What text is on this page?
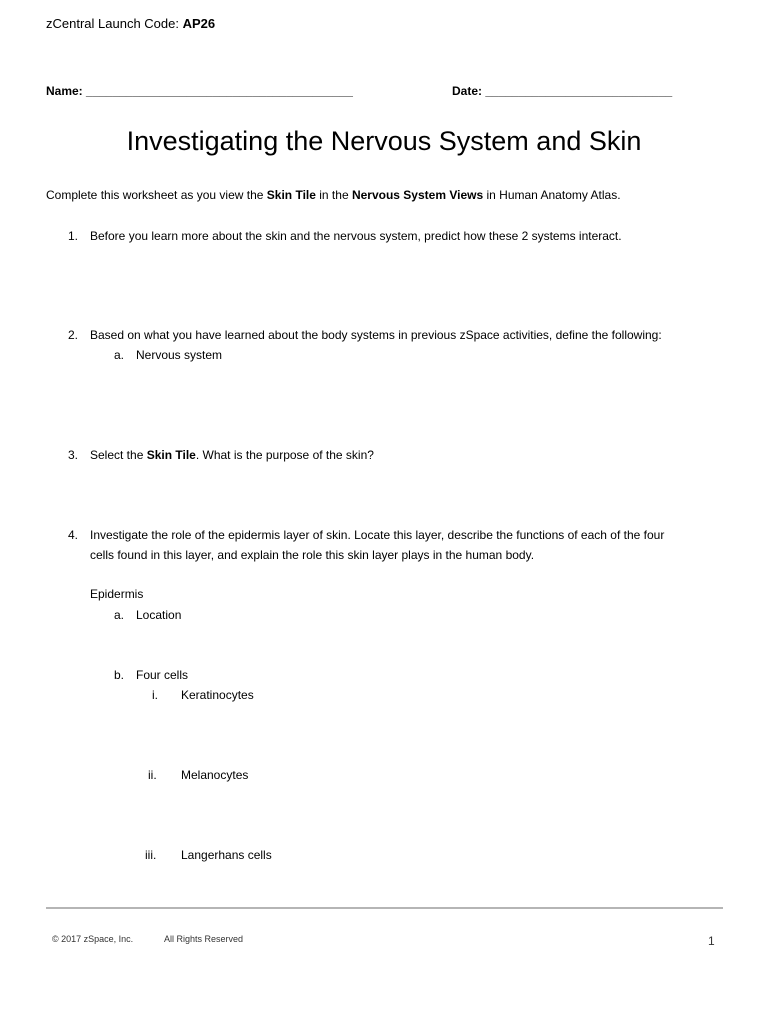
zCentral Launch Code: AP26
Name: ________________________________________	Date: ____________________________
Investigating the Nervous System and Skin
Complete this worksheet as you view the Skin Tile in the Nervous System Views in Human Anatomy Atlas.
1. Before you learn more about the skin and the nervous system, predict how these 2 systems interact.
2. Based on what you have learned about the body systems in previous zSpace activities, define the following:
a. Nervous system
3. Select the Skin Tile. What is the purpose of the skin?
4. Investigate the role of the epidermis layer of skin. Locate this layer, describe the functions of each of the four
cells found in this layer, and explain the role this skin layer plays in the human body.
Epidermis
a. Location
b. Four cells
i. Keratinocytes
ii. Melanocytes
iii. Langerhans cells
© 2017 zSpace, Inc.	All Rights Reserved	1
